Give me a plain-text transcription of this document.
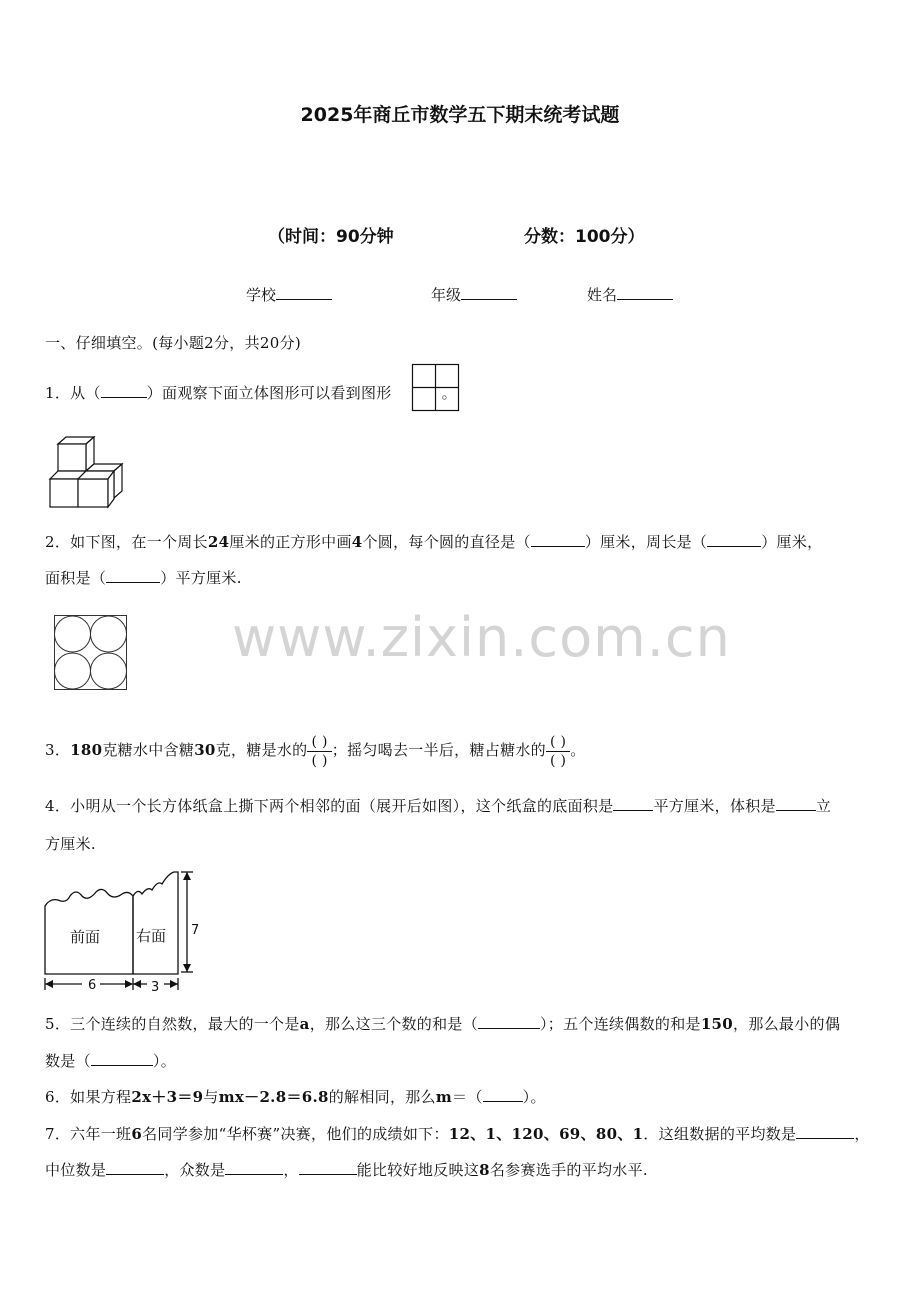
2025年商丘市数学五下期末统考试题
（时间：90分钟	分数：100分）
学校	年级	姓名
一、仔细填空。(每小题2分，共20分)
1．从（	）面观察下面立体图形可以看到图形	。
2．如下图，在一个周长24厘米的正方形中画4个圆，每个圆的直径是（	）厘米，周长是（	）厘米，
面积是（	）平方厘米.
www.zixin.com.cn
3．180克糖水中含糖30克，糖是水的 $\frac{( )}{( )}$ ；摇匀喝去一半后，糖占糖水的 $\frac{( )}{( )}$ 。
4．小明从一个长方体纸盒上撕下两个相邻的面（展开后如图），这个纸盒的底面积是	平方厘米，体积是	立
方厘米.
前面 右面 7
6	3
5．三个连续的自然数，最大的一个是a，那么这三个数的和是（	）；五个连续偶数的和是150，那么最小的偶
数是（	）。
6．如果方程2x＋3＝9与mx－2.8＝6.8的解相同，那么m＝（	）。
7．六年一班6名同学参加“华杯赛”决赛，他们的成绩如下：12、1、120、69、80、1．这组数据的平均数是	，
中位数是	，众数是	，	能比较好地反映这8名参赛选手的平均水平.
